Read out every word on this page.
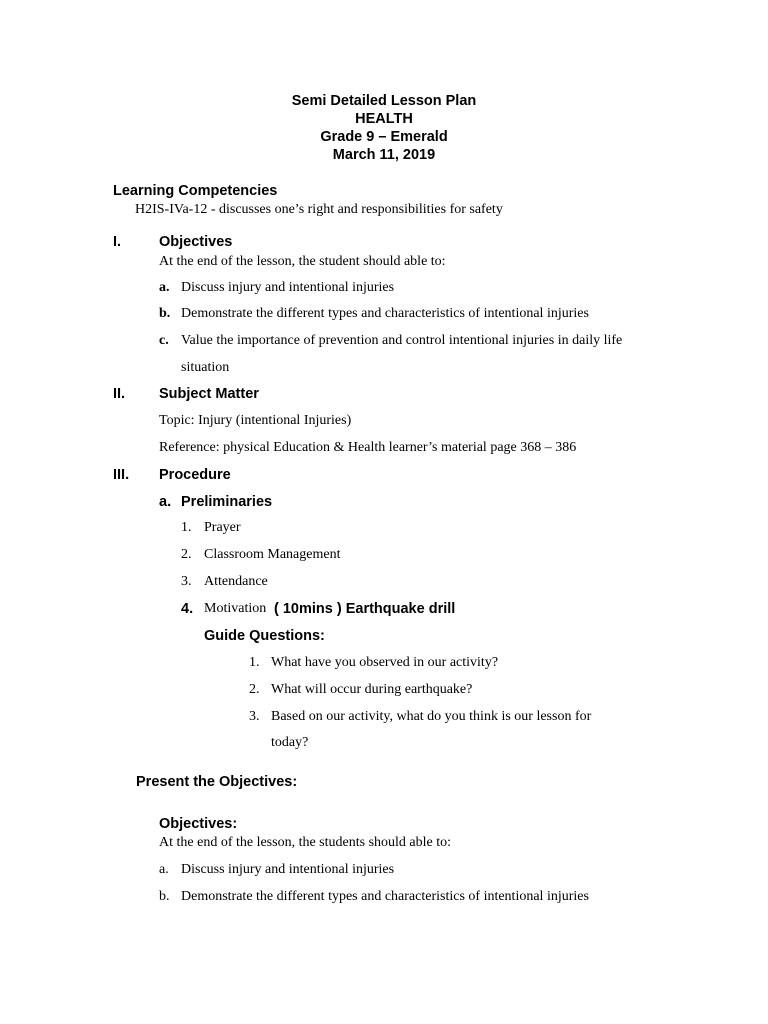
Semi Detailed Lesson Plan
HEALTH
Grade 9 – Emerald
March 11, 2019
Learning Competencies
H2IS-IVa-12 - discusses one’s right and responsibilities for safety
I.	Objectives
At the end of the lesson, the student should able to:
a. Discuss injury and intentional injuries
b. Demonstrate the different types and characteristics of intentional injuries
c. Value the importance of prevention and control intentional injuries in daily life
situation
II. Subject Matter
Topic: Injury (intentional Injuries)
Reference: physical Education & Health learner’s material page 368 – 386
III. Procedure
a. Preliminaries
1. Prayer
2. Classroom Management
3. Attendance
4. Motivation ( 10mins ) Earthquake drill
Guide Questions:
1. What have you observed in our activity?
2. What will occur during earthquake?
3. Based on our activity, what do you think is our lesson for
today?
Present the Objectives:
Objectives:
At the end of the lesson, the students should able to:
a. Discuss injury and intentional injuries
b. Demonstrate the different types and characteristics of intentional injuries
